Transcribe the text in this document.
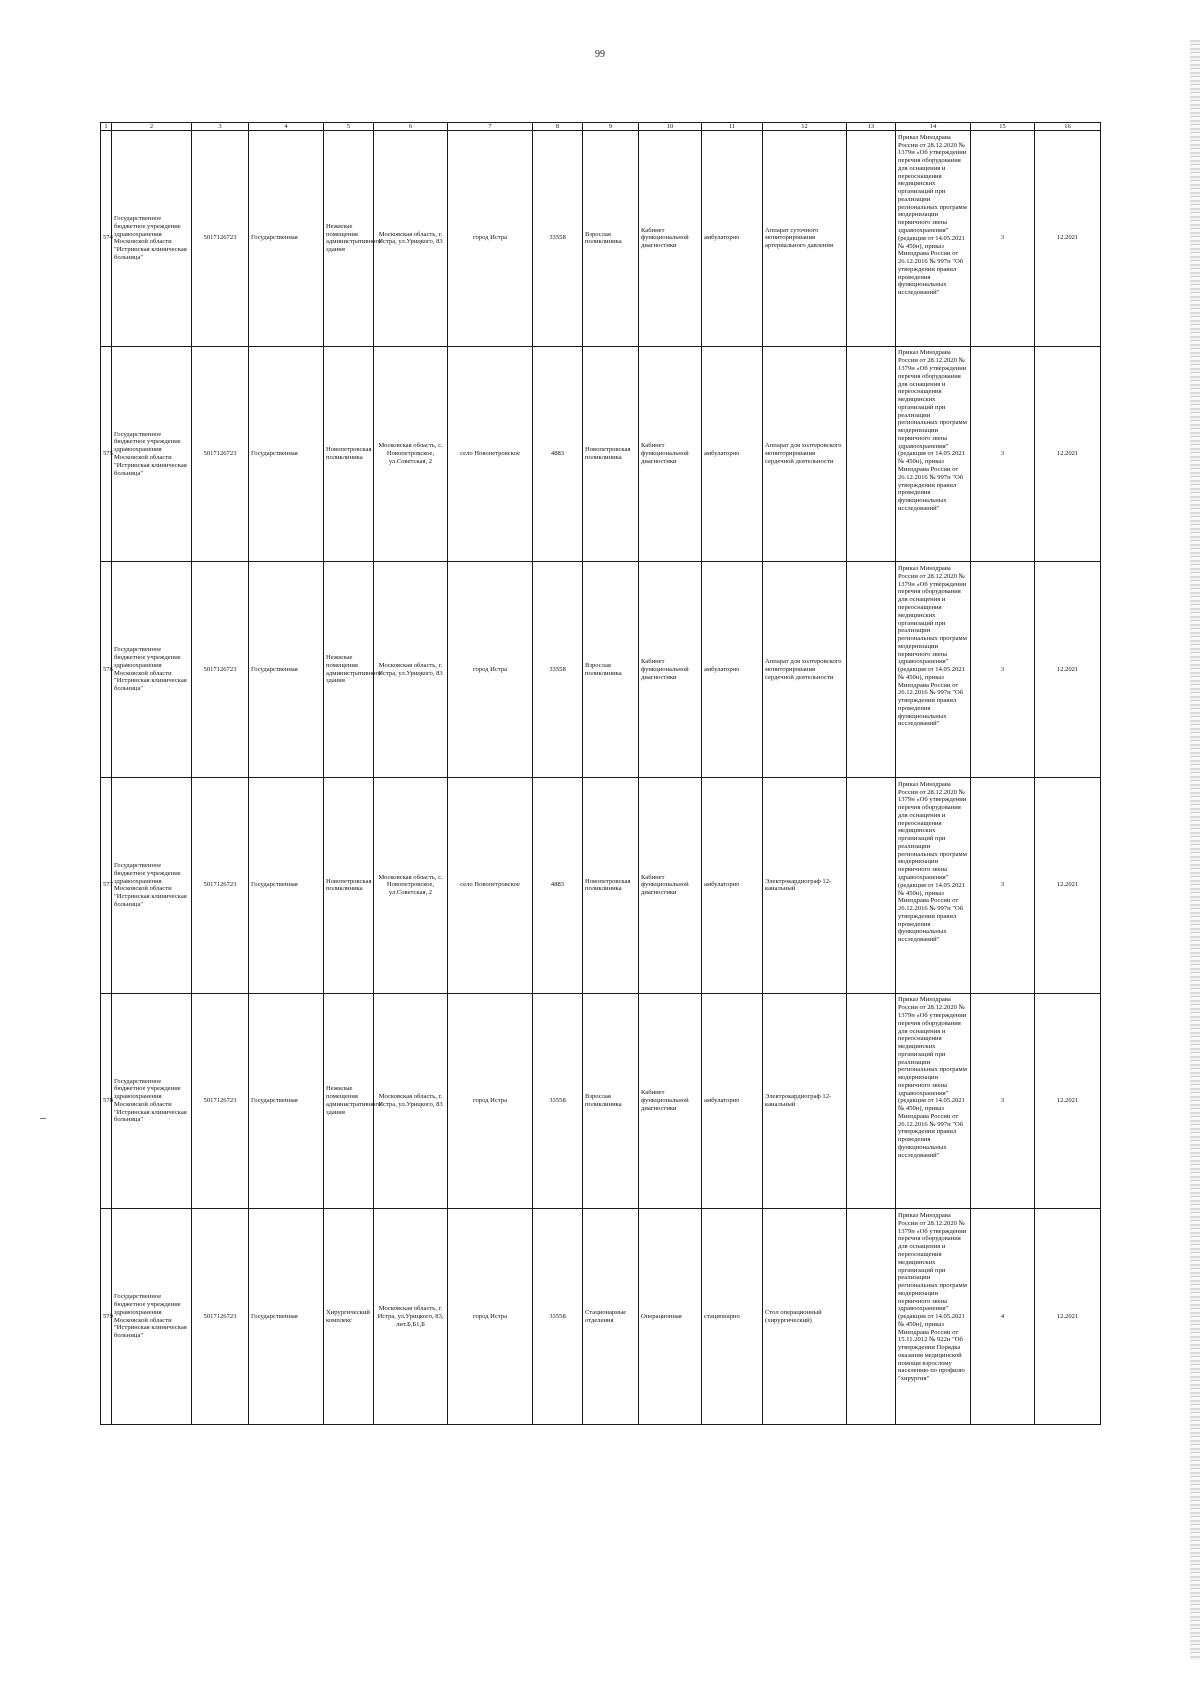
99
1	2	3	4	5	6	7	8	9	10	11	12	13	14	15	16
574	Государственное бюджетное учреждение здравоохранения Московской области "Истринская клиническая больница"	5017126723	Государственная	Нежилые помещения административного здания	Московская область, г. Истра, ул.Урицкого, 83	город Истра	33558	Взрослая поликлиника	Кабинет функциональной диагностики	амбулаторно	Аппарат суточного мониторирования артериального давления		Приказ Минздрава России от 28.12.2020 № 1379н «Об утверждении перечня оборудования для оснащения и переоснащения медицинских организаций при реализации региональных программ модернизации первичного звена здравоохранения"(редакция от 14.05.2021 № 450н), приказ Минздрава России от 26.12.2016 № 997н "Об утверждении правил проведения функциональных исследований"	3	12.2021
575	Государственное бюджетное учреждение здравоохранения Московской области "Истринская клиническая больница"	5017126723	Государственная	Новопетровская поликлиника	Московская область, с. Новопетровское, ул.Советская, 2	село Новопетровское	4883	Новопетровская поликлиника	Кабинет функциональной диагностики	амбулаторно	Аппарат для холтеровского мониторирования сердечной деятельности		Приказ Минздрава России от 28.12.2020 № 1379н «Об утверждении перечня оборудования для оснащения и переоснащения медицинских организаций при реализации региональных программ модернизации первичного звена здравоохранения"(редакция от 14.05.2021 № 450н), приказ Минздрава России от 26.12.2016 № 997н "Об утверждении правил проведения функциональных исследований"	3	12.2021
576	Государственное бюджетное учреждение здравоохранения Московской области "Истринская клиническая больница"	5017126723	Государственная	Нежилые помещения административного здания	Московская область, г. Истра, ул.Урицкого, 83	город Истра	33558	Взрослая поликлиника	Кабинет функциональной диагностики	амбулаторно	Аппарат для холтеровского мониторирования сердечной деятельности		Приказ Минздрава России от 28.12.2020 № 1379н «Об утверждении перечня оборудования для оснащения и переоснащения медицинских организаций при реализации региональных программ модернизации первичного звена здравоохранения"(редакция от 14.05.2021 № 450н), приказ Минздрава России от 26.12.2016 № 997н "Об утверждении правил проведения функциональных исследований"	3	12.2021
577	Государственное бюджетное учреждение здравоохранения Московской области "Истринская клиническая больница"	5017126723	Государственная	Новопетровская поликлиника	Московская область, с. Новопетровское, ул.Советская, 2	село Новопетровское	4883	Новопетровская поликлиника	Кабинет функциональной диагностики	амбулаторно	Электрокардиограф 12-канальный		Приказ Минздрава России от 28.12.2020 № 1379н «Об утверждении перечня оборудования для оснащения и переоснащения медицинских организаций при реализации региональных программ модернизации первичного звена здравоохранения"(редакция от 14.05.2021 № 450н), приказ Минздрава России от 26.12.2016 № 997н "Об утверждении правил проведения функциональных исследований"	3	12.2021
578	Государственное бюджетное учреждение здравоохранения Московской области "Истринская клиническая больница"	5017126723	Государственная	Нежилые помещения административного здания	Московская область, г. Истра, ул.Урицкого, 83	город Истра	33558	Взрослая поликлиника	Кабинет функциональной диагностики	амбулаторно	Электрокардиограф 12-канальный		Приказ Минздрава России от 28.12.2020 № 1379н «Об утверждении перечня оборудования для оснащения и переоснащения медицинских организаций при реализации региональных программ модернизации первичного звена здравоохранения"(редакция от 14.05.2021 № 450н), приказ Минздрава России от 26.12.2016 № 997н "Об утверждении правил проведения функциональных исследований"	3	12.2021
579	Государственное бюджетное учреждение здравоохранения Московской области "Истринская клиническая больница"	5017126723	Государственная	Хирургический комплекс	Московская область, г. Истра, ул.Урицкого, 83, лит.Б,Б1,Б	город Истра	33558	Стационарные отделения	Операционная	стационарно	Стол операционный (хирургический)		Приказ Минздрава России от 28.12.2020 № 1379н «Об утверждении перечня оборудования для оснащения и переоснащения медицинских организаций при реализации региональных программ модернизации первичного звена здравоохранения"(редакция от 14.05.2021 № 450н), приказ Минздрава России от 15.11.2012 № 922н "Об утверждении Порядка оказания медицинской помощи взрослому населению по профилю "хирургия"	4	12.2021
